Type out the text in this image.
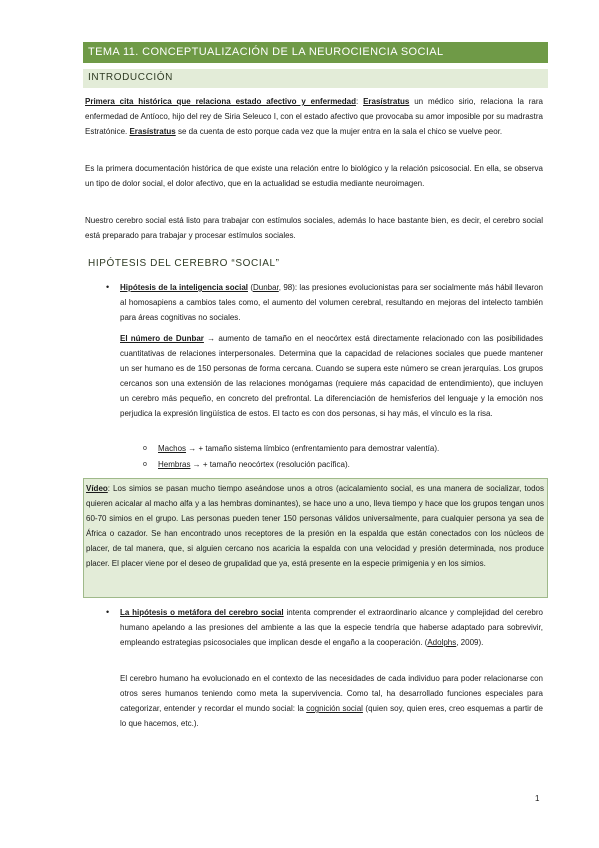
TEMA 11. CONCEPTUALIZACIÓN DE LA NEUROCIENCIA SOCIAL
INTRODUCCIÓN

Primera cita histórica que relaciona estado afectivo y enfermedad: Erasístratus un médico sirio, relaciona la rara enfermedad de Antíoco, hijo del rey de Siria Seleuco I, con el estado afectivo que provocaba su amor imposible por su madrastra Estratónice. Erasístratus se da cuenta de esto porque cada vez que la mujer entra en la sala el chico se vuelve peor.

Es la primera documentación histórica de que existe una relación entre lo biológico y la relación psicosocial. En ella, se observa un tipo de dolor social, el dolor afectivo, que en la actualidad se estudia mediante neuroimagen.

Nuestro cerebro social está listo para trabajar con estímulos sociales, además lo hace bastante bien, es decir, el cerebro social está preparado para trabajar y procesar estímulos sociales.

HIPÓTESIS DEL CEREBRO “SOCIAL”
• Hipótesis de la inteligencia social (Dunbar, 98): las presiones evolucionistas para ser socialmente más hábil llevaron al homosapiens a cambios tales como, el aumento del volumen cerebral, resultando en mejoras del intelecto también para áreas cognitivas no sociales.

El número de Dunbar → aumento de tamaño en el neocórtex está directamente relacionado con las posibilidades cuantitativas de relaciones interpersonales. Determina que la capacidad de relaciones sociales que puede mantener un ser humano es de 150 personas de forma cercana. Cuando se supera este número se crean jerarquías. Los grupos cercanos son una extensión de las relaciones monógamas (requiere más capacidad de entendimiento), que incluyen un cerebro más pequeño, en concreto del prefrontal. La diferenciación de hemisferios del lenguaje y la emoción nos perjudica la expresión lingüística de estos. El tacto es con dos personas, si hay más, el vínculo es la risa.

o Machos → + tamaño sistema límbico (enfrentamiento para demostrar valentía).
o Hembras → + tamaño neocórtex (resolución pacífica).

Vídeo: Los simios se pasan mucho tiempo aseándose unos a otros (acicalamiento social, es una manera de socializar, todos quieren acicalar al macho alfa y a las hembras dominantes), se hace uno a uno, lleva tiempo y hace que los grupos tengan unos 60-70 simios en el grupo. Las personas pueden tener 150 personas válidos universalmente, para cualquier persona ya sea de África o cazador. Se han encontrado unos receptores de la presión en la espalda que están conectados con los núcleos de placer, de tal manera, que, si alguien cercano nos acaricia la espalda con una velocidad y presión determinada, nos produce placer. El placer viene por el deseo de grupalidad que ya, está presente en la especie primigenia y en los simios.

• La hipótesis o metáfora del cerebro social intenta comprender el extraordinario alcance y complejidad del cerebro humano apelando a las presiones del ambiente a las que la especie tendría que haberse adaptado para sobrevivir, empleando estrategias psicosociales que implican desde el engaño a la cooperación. (Adolphs, 2009).

El cerebro humano ha evolucionado en el contexto de las necesidades de cada individuo para poder relacionarse con otros seres humanos teniendo como meta la supervivencia. Como tal, ha desarrollado funciones especiales para categorizar, entender y recordar el mundo social: la cognición social (quien soy, quien eres, creo esquemas a partir de lo que hacemos, etc.).

1
